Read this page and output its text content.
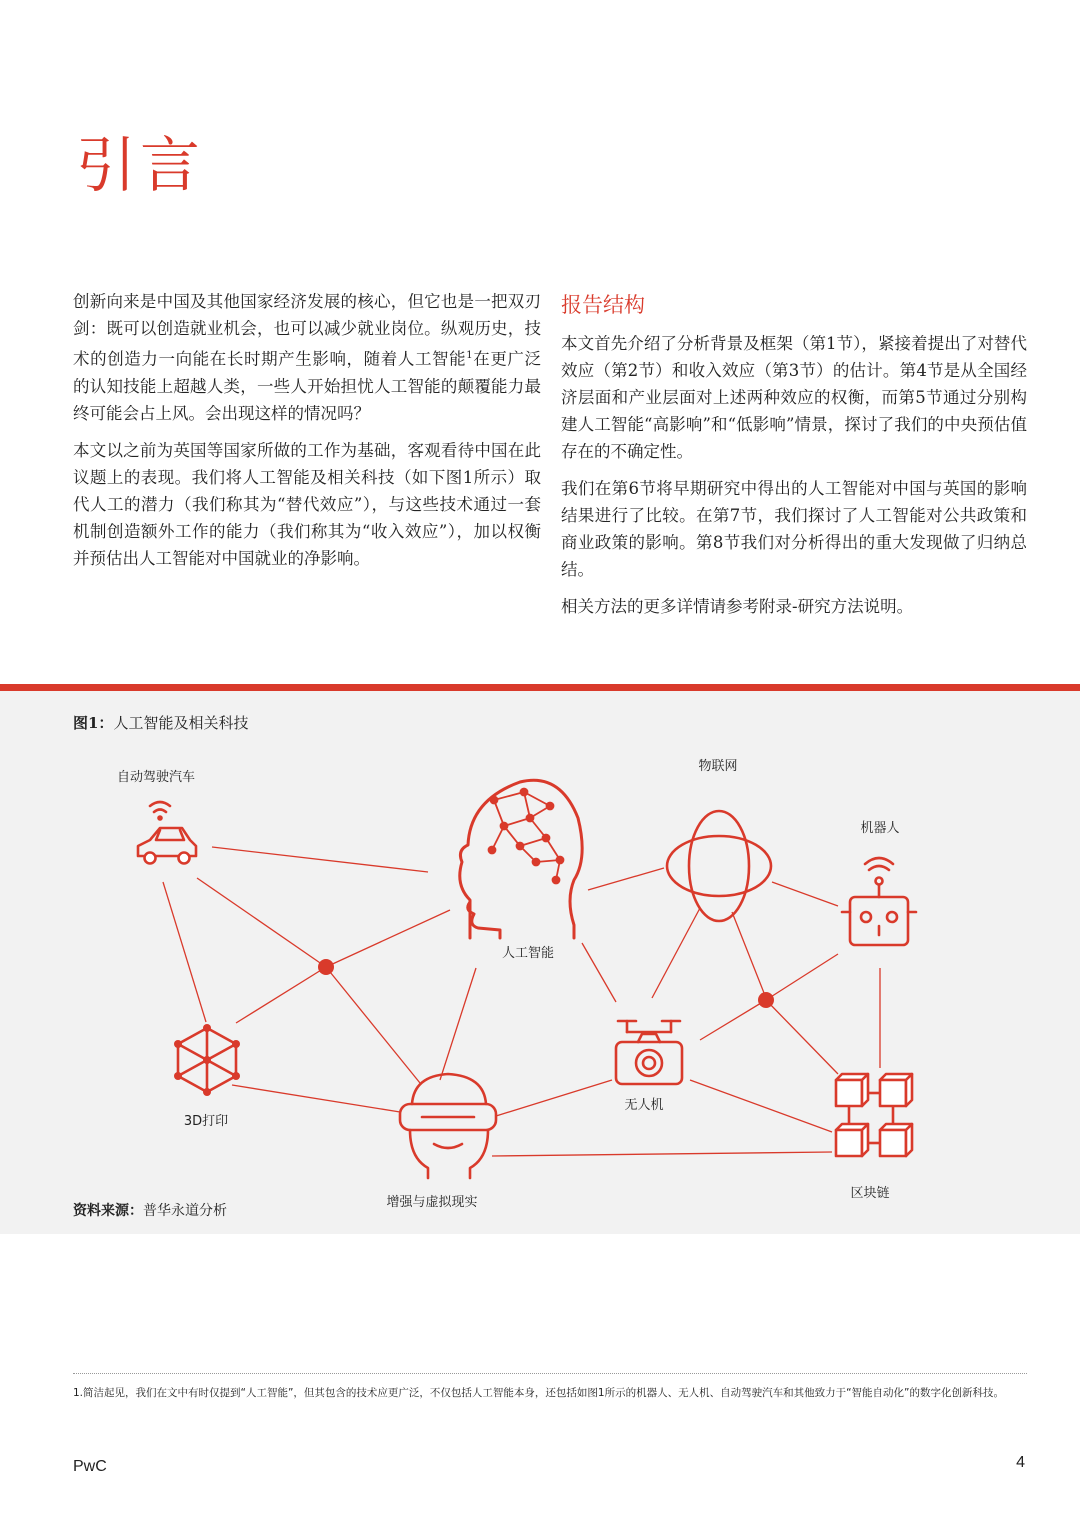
引言

创新向来是中国及其他国家经济发展的核心，但它也是一把双刃剑：既可以创造就业机会，也可以减少就业岗位。纵观历史，技术的创造力一向能在长时期产生影响，随着人工智能$^1$在更广泛的认知技能上超越人类，一些人开始担忧人工智能的颠覆能力最终可能会占上风。会出现这样的情况吗？

本文以之前为英国等国家所做的工作为基础，客观看待中国在此议题上的表现。我们将人工智能及相关科技（如下图1所示）取代人工的潜力（我们称其为“替代效应”），与这些技术通过一套机制创造额外工作的能力（我们称其为“收入效应”），加以权衡并预估出人工智能对中国就业的净影响。

报告结构

本文首先介绍了分析背景及框架（第1节），紧接着提出了对替代效应（第2节）和收入效应（第3节）的估计。第4节是从全国经济层面和产业层面对上述两种效应的权衡，而第5节通过分别构建人工智能“高影响”和“低影响”情景，探讨了我们的中央预估值存在的不确定性。

我们在第6节将早期研究中得出的人工智能对中国与英国的影响结果进行了比较。在第7节，我们探讨了人工智能对公共政策和商业政策的影响。第8节我们对分析得出的重大发现做了归纳总结。

相关方法的更多详情请参考附录-研究方法说明。

图1：人工智能及相关科技
自动驾驶汽车
人工智能
物联网
机器人
3D打印
增强与虚拟现实
无人机
区块链
资料来源：普华永道分析
1.简洁起见，我们在文中有时仅提到“人工智能”，但其包含的技术应更广泛，不仅包括人工智能本身，还包括如图1所示的机器人、无人机、自动驾驶汽车和其他致力于“智能自动化”的数字化创新科技。
PwC	4
